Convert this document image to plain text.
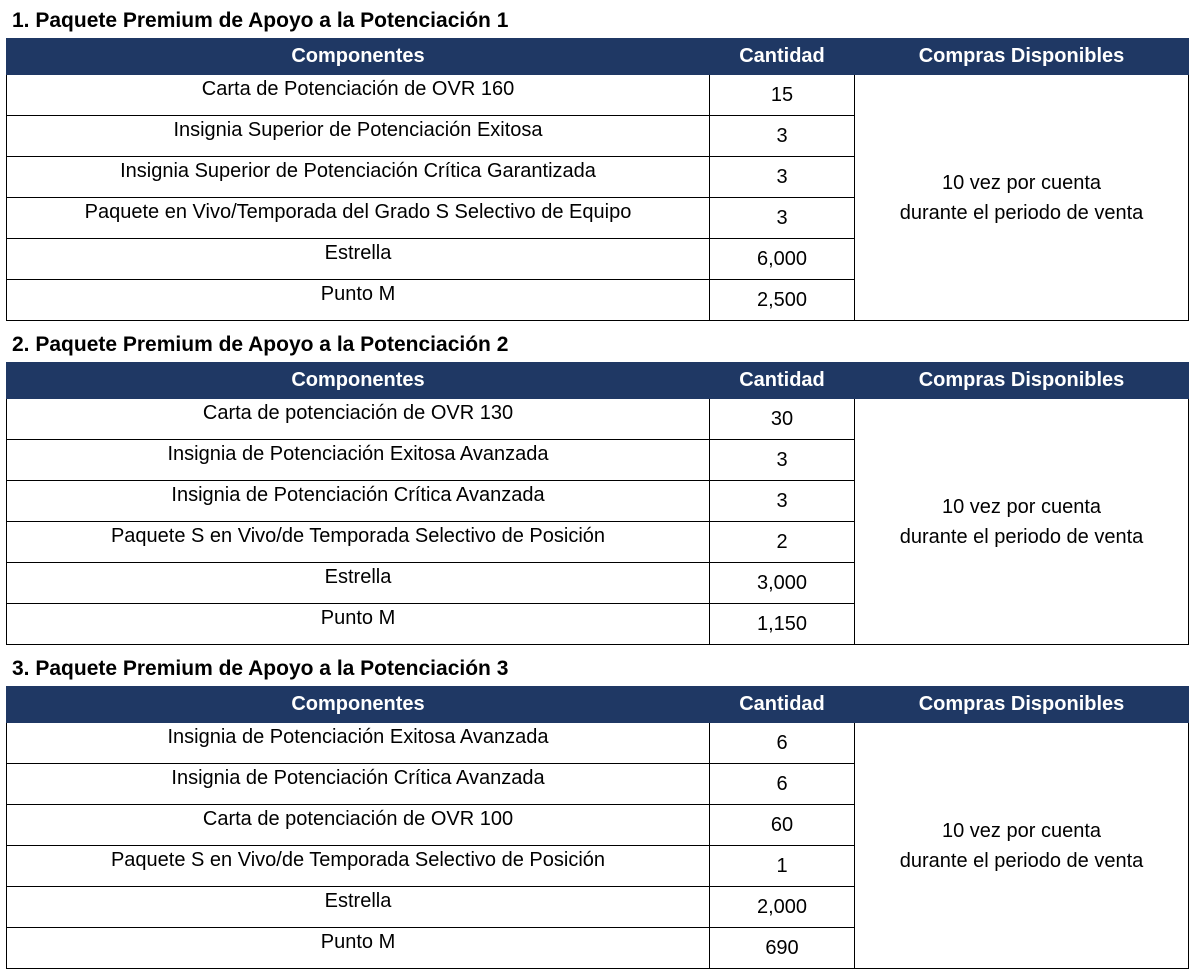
1. Paquete Premium de Apoyo a la Potenciación 1
Componentes	Cantidad	Compras Disponibles
Carta de Potenciación de OVR 160	15	10 vez por cuenta
durante el periodo de venta

Insignia Superior de Potenciación Exitosa	3	
Insignia Superior de Potenciación Crítica Garantizada	3	
Paquete en Vivo/Temporada del Grado S Selectivo de Equipo	3	
Estrella	6,000	
Punto M	2,500	
2. Paquete Premium de Apoyo a la Potenciación 2
Componentes	Cantidad	Compras Disponibles
Carta de potenciación de OVR 130	30	10 vez por cuenta
durante el periodo de venta

Insignia de Potenciación Exitosa Avanzada	3	
Insignia de Potenciación Crítica Avanzada	3	
Paquete S en Vivo/de Temporada Selectivo de Posición	2	
Estrella	3,000	
Punto M	1,150	
3. Paquete Premium de Apoyo a la Potenciación 3
Componentes	Cantidad	Compras Disponibles
Insignia de Potenciación Exitosa Avanzada	6	10 vez por cuenta
durante el periodo de venta

Insignia de Potenciación Crítica Avanzada	6	
Carta de potenciación de OVR 100	60	
Paquete S en Vivo/de Temporada Selectivo de Posición	1	
Estrella	2,000	
Punto M	690	
